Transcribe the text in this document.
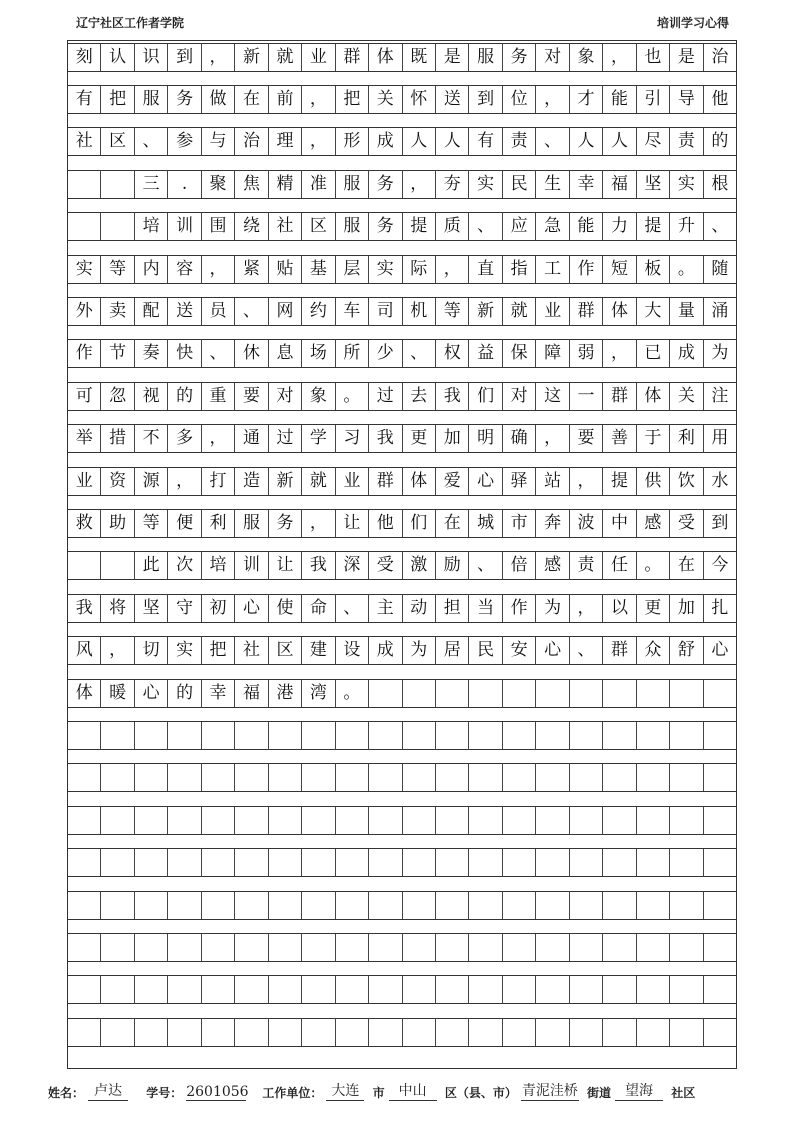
辽宁社区工作者学院	培训学习心得
刻 认 识 到 ， 新 就 业 群 体 既 是 服 务 对 象 ， 也 是 治
有 把 服 务 做 在 前 ， 把 关 怀 送 到 位 ， 才 能 引 导 他
社 区 、 参 与 治 理 ， 形 成 人 人 有 责 、 人 人 尽 责 的
三	.	聚 焦 精 准 服 务 ， 夯 实 民 生 幸 福 坚 实 根
培 训 围 绕 社 区 服 务 提 质 、 应 急 能 力 提 升 、
实 等 内 容 ， 紧 贴 基 层 实 际 ， 直 指 工 作 短 板 。 随
外 卖 配 送 员 、 网 约 车 司 机 等 新 就 业 群 体 大 量 涌
作 节 奏 快 、 休 息 场 所 少 、 权 益 保 障 弱 ， 已 成 为
可 忽 视 的 重 要 对 象 。 过 去 我 们 对 这 一 群 体 关 注
举 措 不 多 ， 通 过 学 习 我 更 加 明 确 ， 要 善 于 利 用
业 资 源 ， 打 造 新 就 业 群 体 爱 心 驿 站 ， 提 供 饮 水
救 助 等 便 利 服 务 ， 让 他 们 在 城 市 奔 波 中 感 受 到
此 次 培 训 让 我 深 受 激 励 、 倍 感 责 任 。 在 今
我 将 坚 守 初 心 使 命 、 主 动 担 当 作 为 ， 以 更 加 扎
风 ， 切 实 把 社 区 建 设 成 为 居 民 安 心 、 群 众 舒 心
体 暖 心 的 幸 福 港 湾 。
姓名： 卢达 学号： 2601056 工作单位： 大连 市 中山 区（县、市） 青泥洼桥 街道 望海 社区
